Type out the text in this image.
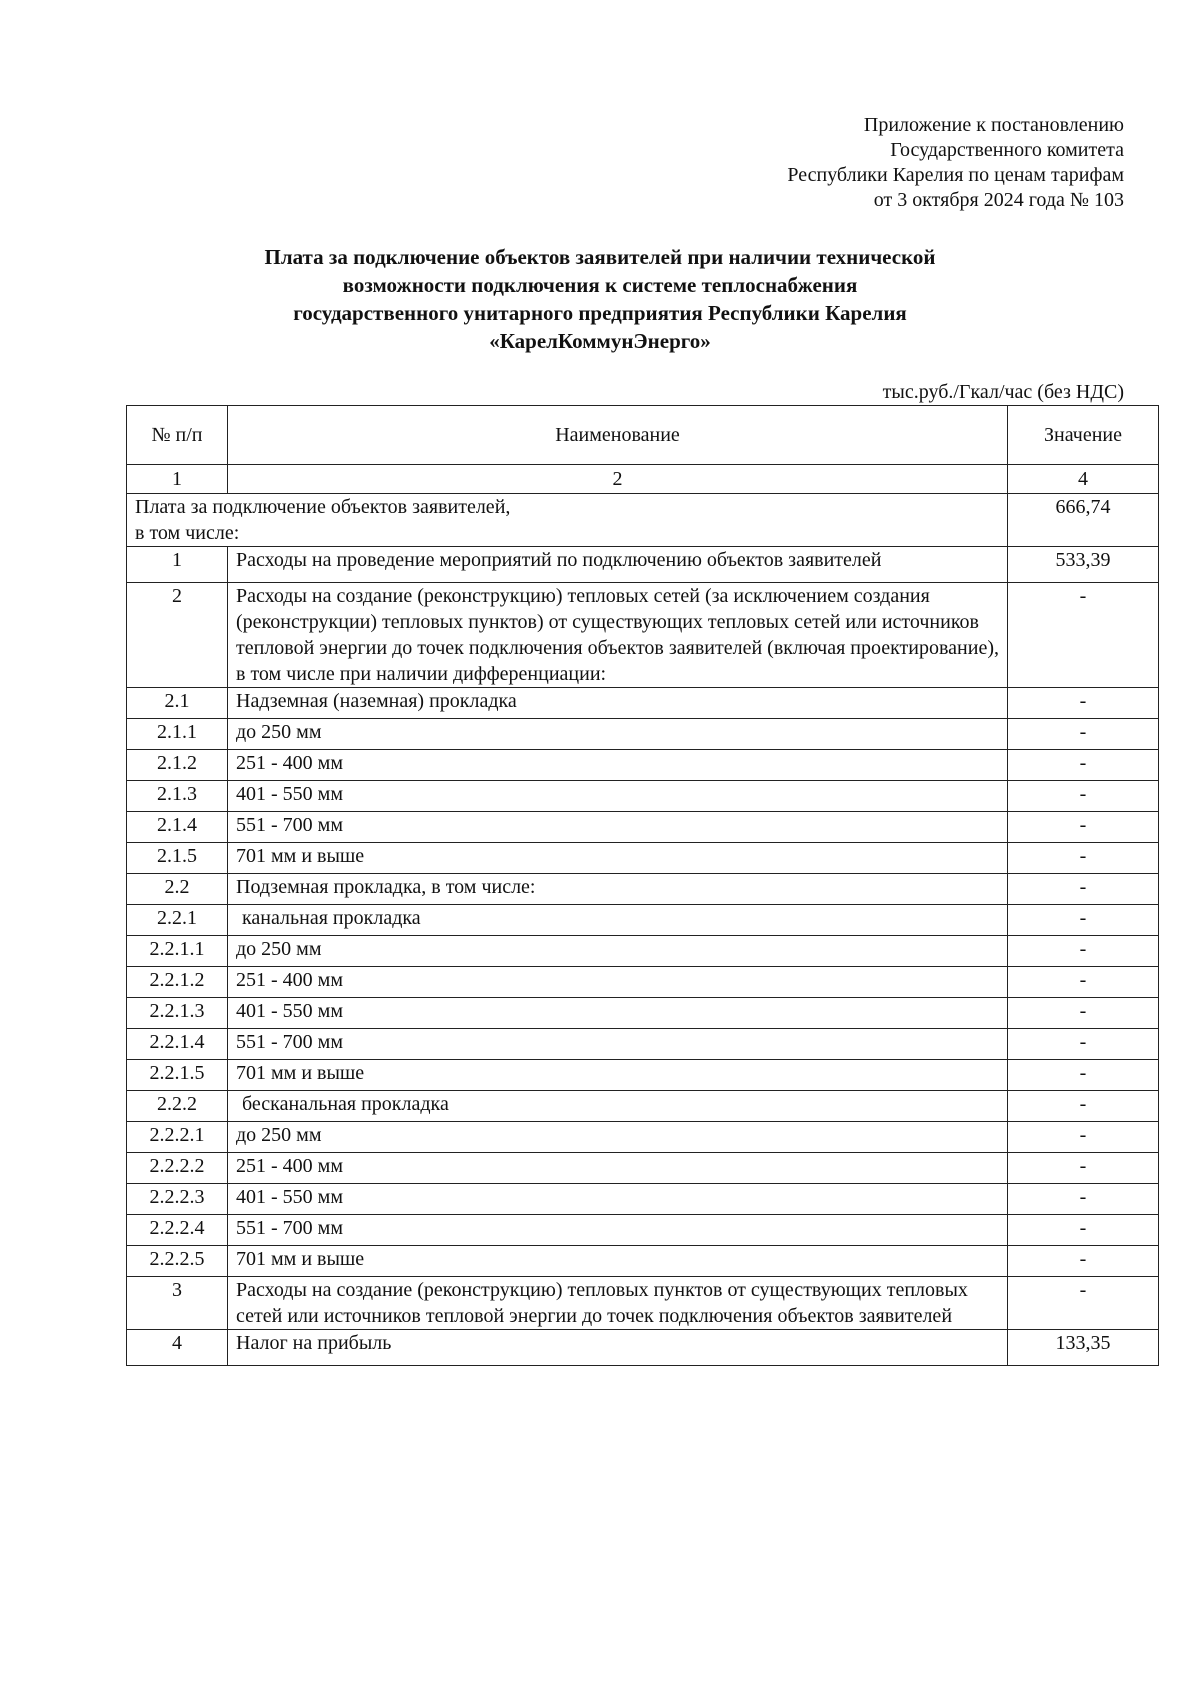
Приложение к постановлению
Государственного комитета
Республики Карелия по ценам тарифам
от 3 октября 2024 года № 103
Плата за подключение объектов заявителей при наличии технической
возможности подключения к системе теплоснабжения
государственного унитарного предприятия Республики Карелия
«КарелКоммунЭнерго»
тыс.руб./Гкал/час (без НДС)
№ п/п	Наименование	Значение
1	2	4
Плата за подключение объектов заявителей,
в том числе:		666,74
1	Расходы на проведение мероприятий по подключению объектов заявителей	533,39
2	Расходы на создание (реконструкцию) тепловых сетей (за исключением создания (реконструкции) тепловых пунктов) от существующих тепловых сетей или источников тепловой энергии до точек подключения объектов заявителей (включая проектирование), в том числе при наличии дифференциации:	-
2.1	Надземная (наземная) прокладка	-
2.1.1	до 250 мм	-
2.1.2	251 - 400 мм	-
2.1.3	401 - 550 мм	-
2.1.4	551 - 700 мм	-
2.1.5	701 мм и выше	-
2.2	Подземная прокладка, в том числе:	-
2.2.1	канальная прокладка	-
2.2.1.1	до 250 мм	-
2.2.1.2	251 - 400 мм	-
2.2.1.3	401 - 550 мм	-
2.2.1.4	551 - 700 мм	-
2.2.1.5	701 мм и выше	-
2.2.2	бесканальная прокладка	-
2.2.2.1	до 250 мм	-
2.2.2.2	251 - 400 мм	-
2.2.2.3	401 - 550 мм	-
2.2.2.4	551 - 700 мм	-
2.2.2.5	701 мм и выше	-
3	Расходы на создание (реконструкцию) тепловых пунктов от существующих тепловых сетей или источников тепловой энергии до точек подключения объектов заявителей	-
4	Налог на прибыль	133,35
